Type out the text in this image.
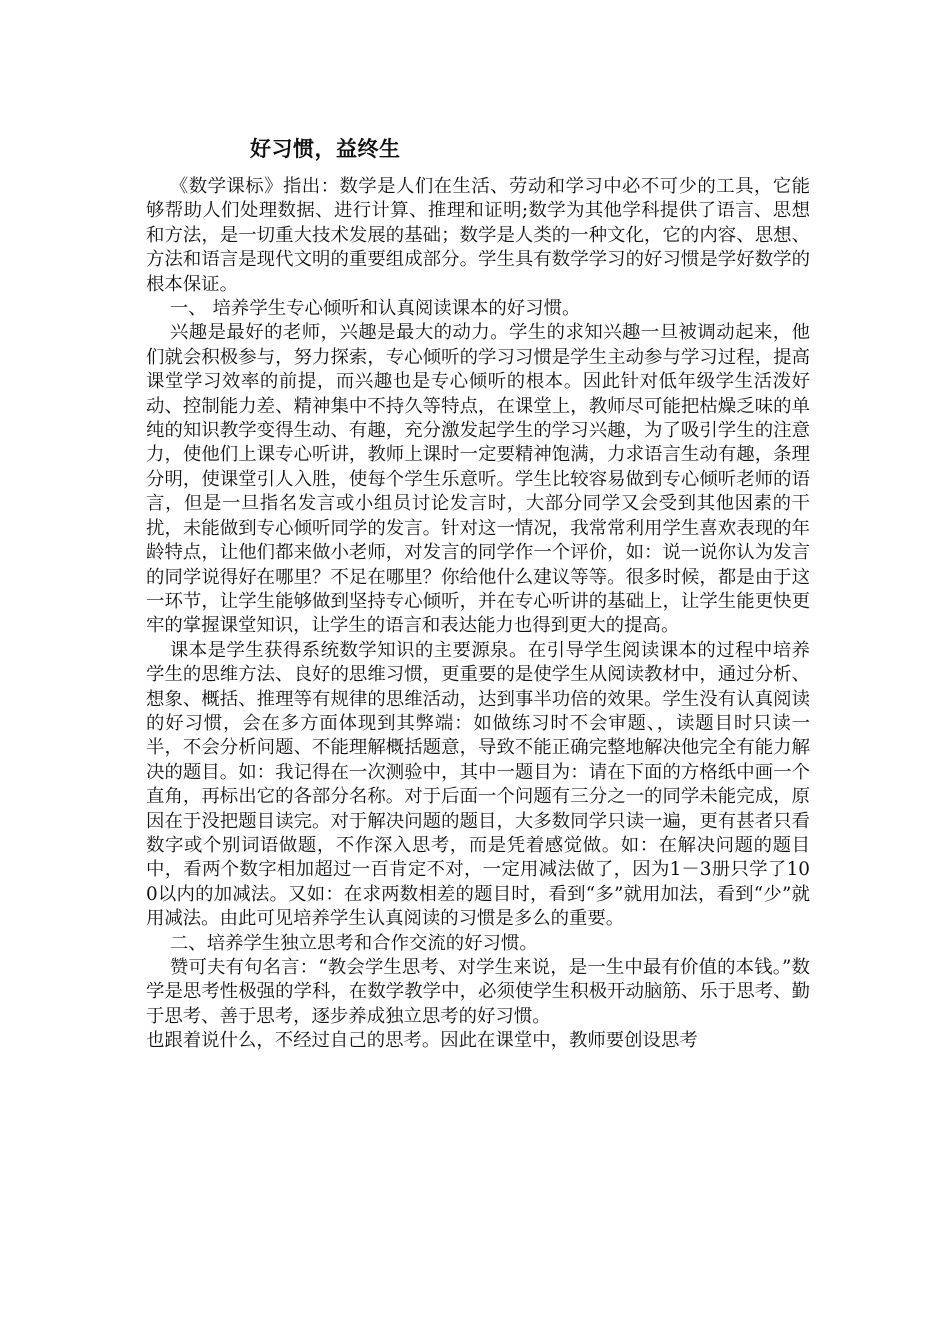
好习惯，益终生

《数学课标》指出：数学是人们在生活、劳动和学习中必不可少的工具，它能够帮助人们处理数据、进行计算、推理和证明;数学为其他学科提供了语言、思想和方法，是一切重大技术发展的基础；数学是人类的一种文化，它的内容、思想、方法和语言是现代文明的重要组成部分。学生具有数学学习的好习惯是学好数学的根本保证。

一、 培养学生专心倾听和认真阅读课本的好习惯。

兴趣是最好的老师，兴趣是最大的动力。学生的求知兴趣一旦被调动起来，他们就会积极参与，努力探索，专心倾听的学习习惯是学生主动参与学习过程，提高课堂学习效率的前提，而兴趣也是专心倾听的根本。因此针对低年级学生活泼好动、控制能力差、精神集中不持久等特点，在课堂上，教师尽可能把枯燥乏味的单纯的知识教学变得生动、有趣，充分激发起学生的学习兴趣，为了吸引学生的注意力，使他们上课专心听讲，教师上课时一定要精神饱满，力求语言生动有趣，条理分明，使课堂引人入胜，使每个学生乐意听。学生比较容易做到专心倾听老师的语言，但是一旦指名发言或小组员讨论发言时，大部分同学又会受到其他因素的干扰，未能做到专心倾听同学的发言。针对这一情况，我常常利用学生喜欢表现的年龄特点，让他们都来做小老师，对发言的同学作一个评价，如：说一说你认为发言的同学说得好在哪里？不足在哪里？你给他什么建议等等。很多时候，都是由于这一环节，让学生能够做到坚持专心倾听，并在专心听讲的基础上，让学生能更快更牢的掌握课堂知识，让学生的语言和表达能力也得到更大的提高。

课本是学生获得系统数学知识的主要源泉。在引导学生阅读课本的过程中培养学生的思维方法、良好的思维习惯，更重要的是使学生从阅读教材中，通过分析、想象、概括、推理等有规律的思维活动，达到事半功倍的效果。学生没有认真阅读的好习惯，会在多方面体现到其弊端：如做练习时不会审题、，读题目时只读一半，不会分析问题、不能理解概括题意，导致不能正确完整地解决他完全有能力解决的题目。如：我记得在一次测验中，其中一题目为：请在下面的方格纸中画一个直角，再标出它的各部分名称。对于后面一个问题有三分之一的同学未能完成，原因在于没把题目读完。对于解决问题的题目，大多数同学只读一遍，更有甚者只看数字或个别词语做题，不作深入思考，而是凭着感觉做。如：在解决问题的题目中，看两个数字相加超过一百肯定不对，一定用减法做了，因为1－3册只学了100以内的加减法。又如：在求两数相差的题目时，看到“多”就用加法，看到“少”就用减法。由此可见培养学生认真阅读的习惯是多么的重要。

二、培养学生独立思考和合作交流的好习惯。

赞可夫有句名言：“教会学生思考、对学生来说，是一生中最有价值的本钱。”数学是思考性极强的学科，在数学教学中，必须使学生积极开动脑筋、乐于思考、勤于思考、善于思考，逐步养成独立思考的好习惯。

也跟着说什么，不经过自己的思考。因此在课堂中，教师要创设思考
